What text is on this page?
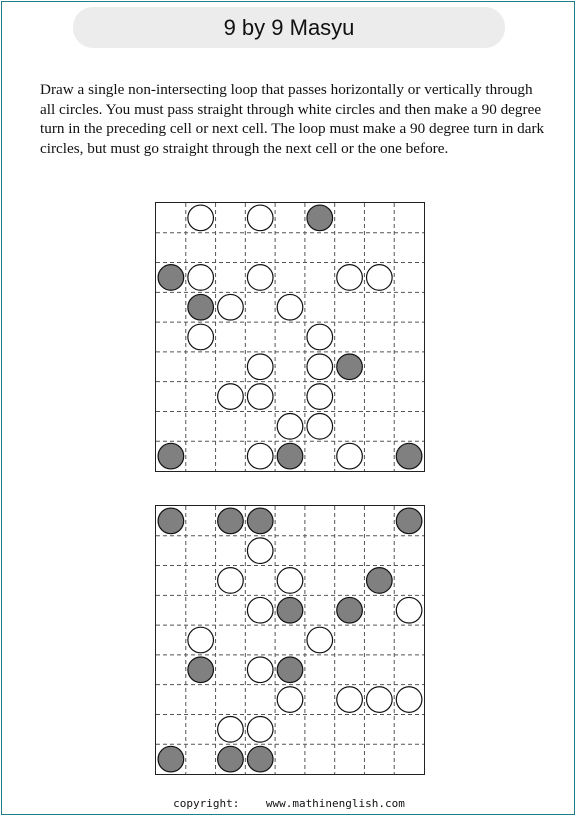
9 by 9 Masyu

Draw a single non-intersecting loop that passes horizontally or vertically through all circles. You must pass straight through white circles and then make a 90 degree turn in the preceding cell or next cell. The loop must make a 90 degree turn in dark circles, but must go straight through the next cell or the one before.

copyright: www.mathinenglish.com
